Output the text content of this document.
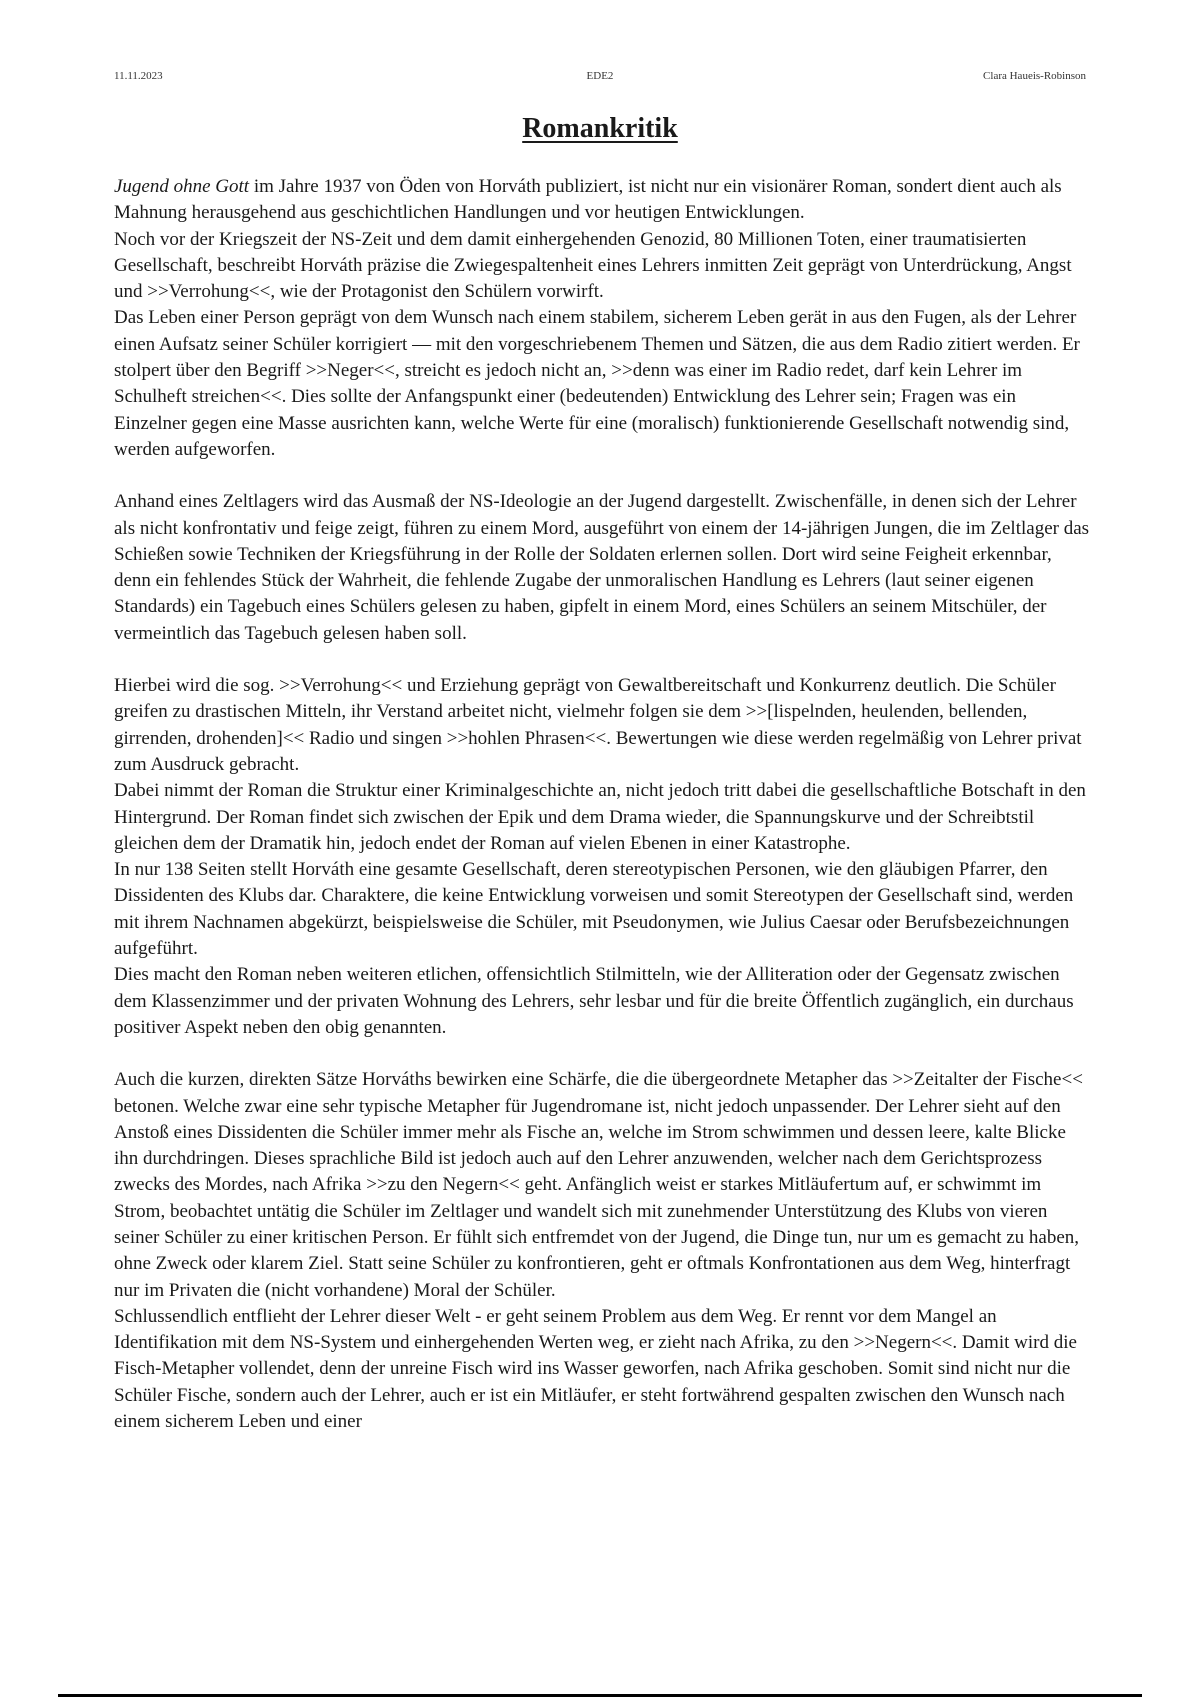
11.11.2023	EDE2	Clara Haueis-Robinson
Romankritik

Jugend ohne Gott im Jahre 1937 von Öden von Horváth publiziert, ist nicht nur ein visionärer Roman, sondert dient auch als Mahnung herausgehend aus geschichtlichen Handlungen und vor heutigen Entwicklungen.

Noch vor der Kriegszeit der NS-Zeit und dem damit einhergehenden Genozid, 80 Millionen Toten, einer traumatisierten Gesellschaft, beschreibt Horváth präzise die Zwiegespaltenheit eines Lehrers inmitten Zeit geprägt von Unterdrückung, Angst und >>Verrohung<<, wie der Protagonist den Schülern vorwirft.

Das Leben einer Person geprägt von dem Wunsch nach einem stabilem, sicherem Leben gerät in aus den Fugen, als der Lehrer einen Aufsatz seiner Schüler korrigiert — mit den vorgeschriebenem Themen und Sätzen, die aus dem Radio zitiert werden. Er stolpert über den Begriff >>Neger<<, streicht es jedoch nicht an, >>denn was einer im Radio redet, darf kein Lehrer im Schulheft streichen<<. Dies sollte der Anfangspunkt einer (bedeutenden) Entwicklung des Lehrer sein; Fragen was ein Einzelner gegen eine Masse ausrichten kann, welche Werte für eine (moralisch) funktionierende Gesellschaft notwendig sind, werden aufgeworfen.

Anhand eines Zeltlagers wird das Ausmaß der NS-Ideologie an der Jugend dargestellt. Zwischenfälle, in denen sich der Lehrer als nicht konfrontativ und feige zeigt, führen zu einem Mord, ausgeführt von einem der 14-jährigen Jungen, die im Zeltlager das Schießen sowie Techniken der Kriegsführung in der Rolle der Soldaten erlernen sollen. Dort wird seine Feigheit erkennbar, denn ein fehlendes Stück der Wahrheit, die fehlende Zugabe der unmoralischen Handlung es Lehrers (laut seiner eigenen Standards) ein Tagebuch eines Schülers gelesen zu haben, gipfelt in einem Mord, eines Schülers an seinem Mitschüler, der vermeintlich das Tagebuch gelesen haben soll.

Hierbei wird die sog. >>Verrohung<< und Erziehung geprägt von Gewaltbereitschaft und Konkurrenz deutlich. Die Schüler greifen zu drastischen Mitteln, ihr Verstand arbeitet nicht, vielmehr folgen sie dem >>[lispelnden, heulenden, bellenden, girrenden, drohenden]<< Radio und singen >>hohlen Phrasen<<. Bewertungen wie diese werden regelmäßig von Lehrer privat zum Ausdruck gebracht.

Dabei nimmt der Roman die Struktur einer Kriminalgeschichte an, nicht jedoch tritt dabei die gesellschaftliche Botschaft in den Hintergrund. Der Roman findet sich zwischen der Epik und dem Drama wieder, die Spannungskurve und der Schreibtstil gleichen dem der Dramatik hin, jedoch endet der Roman auf vielen Ebenen in einer Katastrophe.

In nur 138 Seiten stellt Horváth eine gesamte Gesellschaft, deren stereotypischen Personen, wie den gläubigen Pfarrer, den Dissidenten des Klubs dar. Charaktere, die keine Entwicklung vorweisen und somit Stereotypen der Gesellschaft sind, werden mit ihrem Nachnamen abgekürzt, beispielsweise die Schüler, mit Pseudonymen, wie Julius Caesar oder Berufsbezeichnungen aufgeführt.

Dies macht den Roman neben weiteren etlichen, offensichtlich Stilmitteln, wie der Alliteration oder der Gegensatz zwischen dem Klassenzimmer und der privaten Wohnung des Lehrers, sehr lesbar und für die breite Öffentlich zugänglich, ein durchaus positiver Aspekt neben den obig genannten.

Auch die kurzen, direkten Sätze Horváths bewirken eine Schärfe, die die übergeordnete Metapher das >>Zeitalter der Fische<< betonen. Welche zwar eine sehr typische Metapher für Jugendromane ist, nicht jedoch unpassender. Der Lehrer sieht auf den Anstoß eines Dissidenten die Schüler immer mehr als Fische an, welche im Strom schwimmen und dessen leere, kalte Blicke ihn durchdringen. Dieses sprachliche Bild ist jedoch auch auf den Lehrer anzuwenden, welcher nach dem Gerichtsprozess zwecks des Mordes, nach Afrika >>zu den Negern<< geht. Anfänglich weist er starkes Mitläufertum auf, er schwimmt im Strom, beobachtet untätig die Schüler im Zeltlager und wandelt sich mit zunehmender Unterstützung des Klubs von vieren seiner Schüler zu einer kritischen Person. Er fühlt sich entfremdet von der Jugend, die Dinge tun, nur um es gemacht zu haben, ohne Zweck oder klarem Ziel. Statt seine Schüler zu konfrontieren, geht er oftmals Konfrontationen aus dem Weg, hinterfragt nur im Privaten die (nicht vorhandene) Moral der Schüler.

Schlussendlich entflieht der Lehrer dieser Welt - er geht seinem Problem aus dem Weg. Er rennt vor dem Mangel an Identifikation mit dem NS-System und einhergehenden Werten weg, er zieht nach Afrika, zu den >>Negern<<. Damit wird die Fisch-Metapher vollendet, denn der unreine Fisch wird ins Wasser geworfen, nach Afrika geschoben. Somit sind nicht nur die Schüler Fische, sondern auch der Lehrer, auch er ist ein Mitläufer, er steht fortwährend gespalten zwischen den Wunsch nach einem sicherem Leben und einer
